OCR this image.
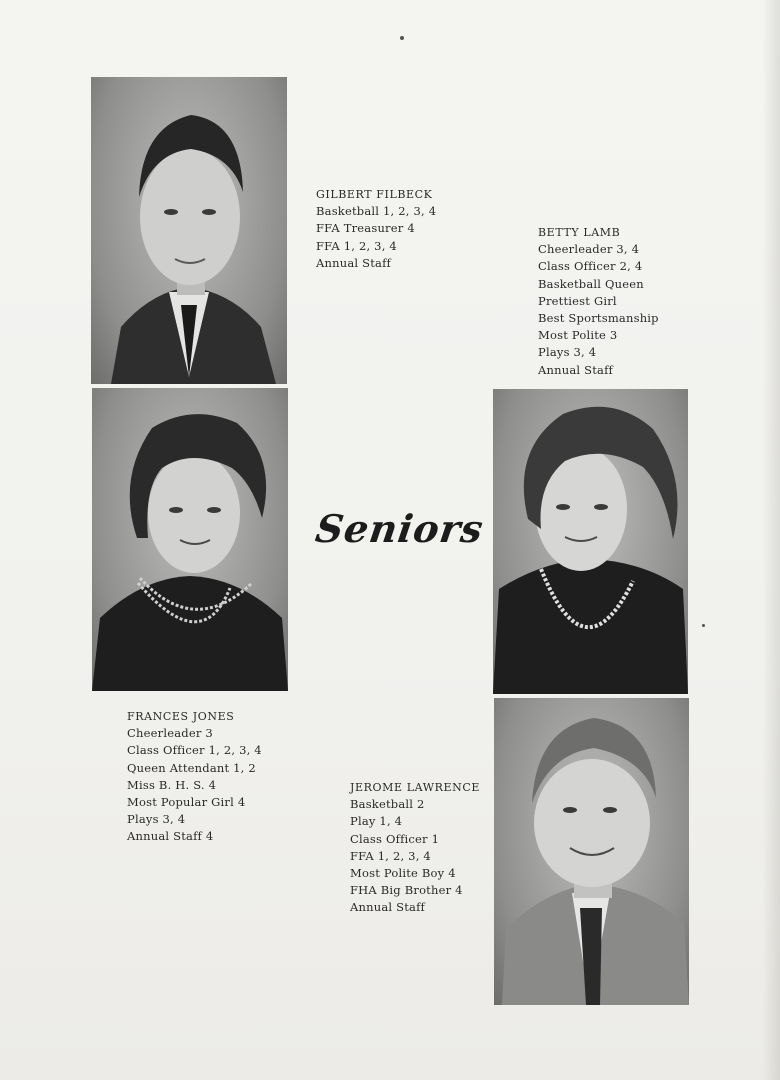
GILBERT FILBECK
Basketball 1, 2, 3, 4
FFA Treasurer 4
FFA 1, 2, 3, 4
Annual Staff
BETTY LAMB
Cheerleader 3, 4
Class Officer 2, 4
Basketball Queen
Prettiest Girl
Best Sportsmanship
Most Polite 3
Plays 3, 4
Annual Staff
Seniors
FRANCES JONES
Cheerleader 3
Class Officer 1, 2, 3, 4
Queen Attendant 1, 2
Miss B. H. S. 4
Most Popular Girl 4
Plays 3, 4
Annual Staff 4
JEROME LAWRENCE
Basketball 2
Play 1, 4
Class Officer 1
FFA 1, 2, 3, 4
Most Polite Boy 4
FHA Big Brother 4
Annual Staff
